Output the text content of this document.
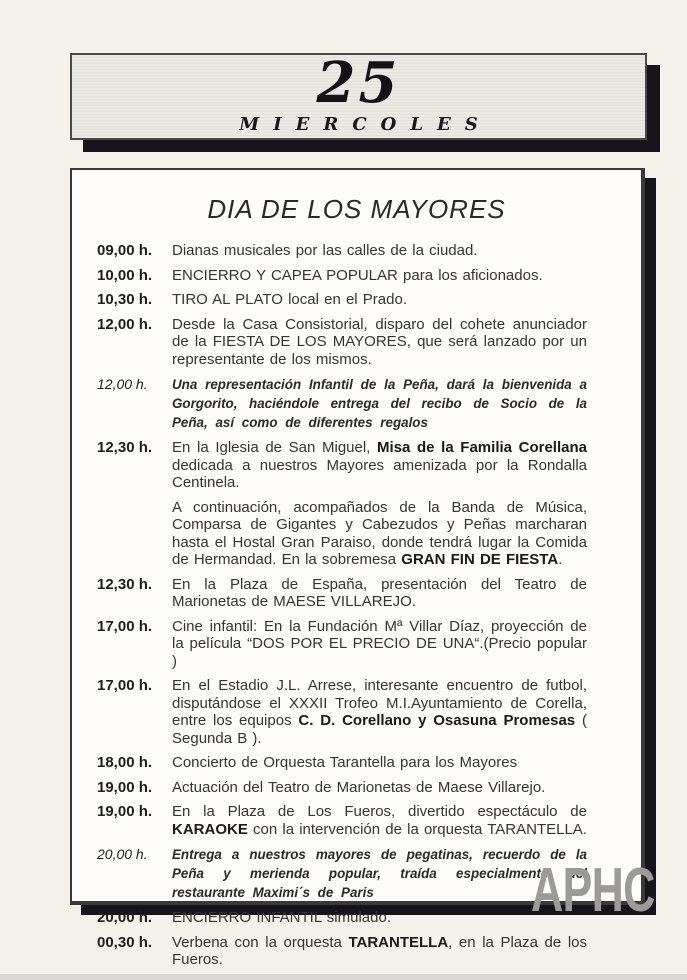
25
MIERCOLES
DIA DE LOS MAYORES
09,00 h.	Dianas musicales por las calles de la ciudad.
10,00 h.	ENCIERRO Y CAPEA POPULAR para los aficionados.
10,30 h.	TIRO AL PLATO local en el Prado.
12,00 h.	Desde la Casa Consistorial, disparo del cohete anunciador de la FIESTA DE LOS MAYORES, que será lanzado por un representante de los mismos.
12,00 h.	Una representación Infantil de la Peña, dará la bienvenida a Gorgorito, haciéndole entrega del recibo de Socio de la Peña, así como de diferentes regalos
12,30 h.	En la Iglesia de San Miguel, Misa de la Familia Corellana dedicada a nuestros Mayores amenizada por la Rondalla Centinela.
A continuación, acompañados de la Banda de Música, Comparsa de Gigantes y Cabezudos y Peñas marcharan hasta el Hostal Gran Paraiso, donde tendrá lugar la Comida de Hermandad. En la sobremesa GRAN FIN DE FIESTA.
12,30 h.	En la Plaza de España, presentación del Teatro de Marionetas de MAESE VILLAREJO.
17,00 h.	Cine infantil: En la Fundación Mª Villar Díaz, proyección de la película “DOS POR EL PRECIO DE UNA“.(Precio popular )
17,00 h.	En el Estadio J.L. Arrese, interesante encuentro de futbol, disputándose el XXXII Trofeo M.I.Ayuntamiento de Corella, entre los equipos C. D. Corellano y Osasuna Promesas ( Segunda B ).
18,00 h.	Concierto de Orquesta Tarantella para los Mayores
19,00 h.	Actuación del Teatro de Marionetas de Maese Villarejo.
19,00 h.	En la Plaza de Los Fueros, divertido espectáculo de KARAOKE con la intervención de la orquesta TARANTELLA.
20,00 h.	Entrega a nuestros mayores de pegatinas, recuerdo de la Peña y merienda popular, traída especialmente del restaurante Maximi´s de Paris
20,00 h.	ENCIERRO INFANTIL simulado.
00,30 h.	Verbena con la orquesta TARANTELLA, en la Plaza de los Fueros.
APHC
